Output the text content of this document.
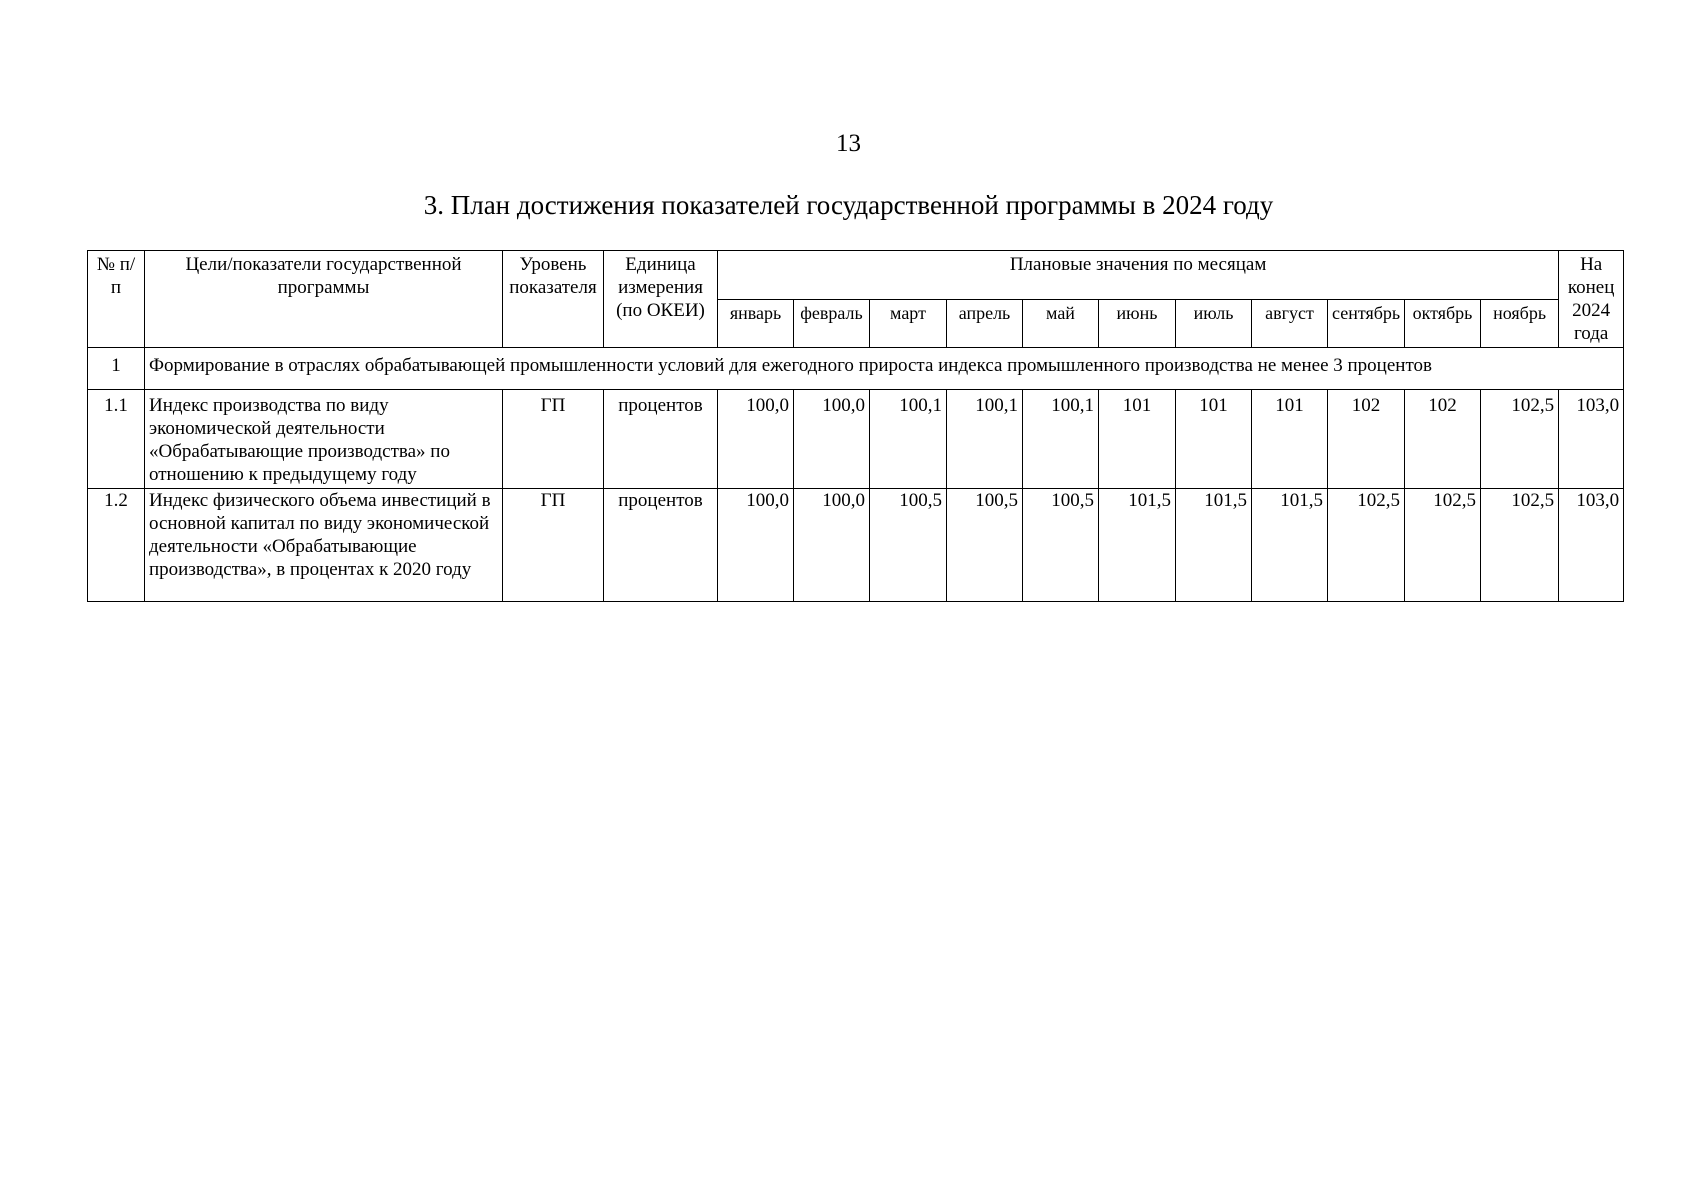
13
3. План достижения показателей государственной программы в 2024 году
№ п/п	Цели/показатели государственной программы	Уровень показателя	Единица измерения (по ОКЕИ)	Плановые значения по месяцам											На конец 2024 года
				январь	февраль	март	апрель	май	июнь	июль	август	сентябрь	октябрь	ноябрь	
1	Формирование в отраслях обрабатывающей промышленности условий для ежегодного прироста индекса промышленного производства не менее 3 процентов														
1.1	Индекс производства по виду экономической деятельности «Обрабатывающие производства» по отношению к предыдущему году	ГП	процентов	100,0	100,0	100,1	100,1	100,1	101	101	101	102	102	102,5	103,0
1.2	Индекс физического объема инвестиций в основной капитал по виду экономической деятельности «Обрабатывающие производства», в процентах к 2020 году	ГП	процентов	100,0	100,0	100,5	100,5	100,5	101,5	101,5	101,5	102,5	102,5	102,5	103,0
